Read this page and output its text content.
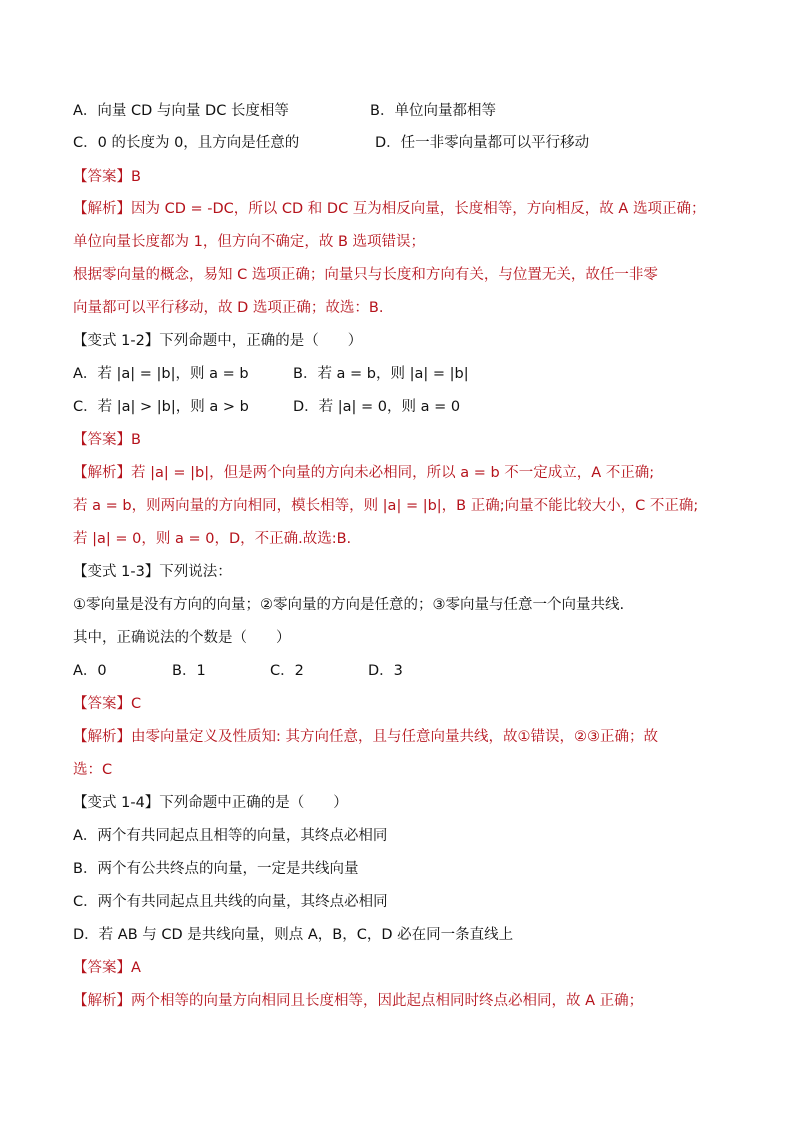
A．向量 CD 与向量 DC 长度相等	B．单位向量都相等
C．0 的长度为 0，且方向是任意的	D．任一非零向量都可以平行移动
【答案】B
【解析】因为 CD = -DC，所以 CD 和 DC 互为相反向量，长度相等，方向相反，故 A 选项正确；
单位向量长度都为 1，但方向不确定，故 B 选项错误；
根据零向量的概念，易知 C 选项正确；向量只与长度和方向有关，与位置无关，故任一非零
向量都可以平行移动，故 D 选项正确；故选：B.
【变式 1-2】下列命题中，正确的是（　　）
A．若 |a| = |b|，则 a = b	B．若 a = b，则 |a| = |b|
C．若 |a| > |b|，则 a > b	D．若 |a| = 0，则 a = 0
【答案】B
【解析】若 |a| = |b|，但是两个向量的方向未必相同，所以 a = b 不一定成立，A 不正确;
若 a = b，则两向量的方向相同，模长相等，则 |a| = |b|，B 正确;向量不能比较大小，C 不正确;
若 |a| = 0，则 a = 0，D，不正确.故选:B.
【变式 1-3】下列说法：
①零向量是没有方向的向量；②零向量的方向是任意的；③零向量与任意一个向量共线.
其中，正确说法的个数是（　　）
A．0	B．1	C．2	D．3
【答案】C
【解析】由零向量定义及性质知: 其方向任意，且与任意向量共线，故①错误，②③正确；故
选：C
【变式 1-4】下列命题中正确的是（　　）
A．两个有共同起点且相等的向量，其终点必相同
B．两个有公共终点的向量，一定是共线向量
C．两个有共同起点且共线的向量，其终点必相同
D．若 AB 与 CD 是共线向量，则点 A，B，C，D 必在同一条直线上
【答案】A
【解析】两个相等的向量方向相同且长度相等，因此起点相同时终点必相同，故 A 正确；
